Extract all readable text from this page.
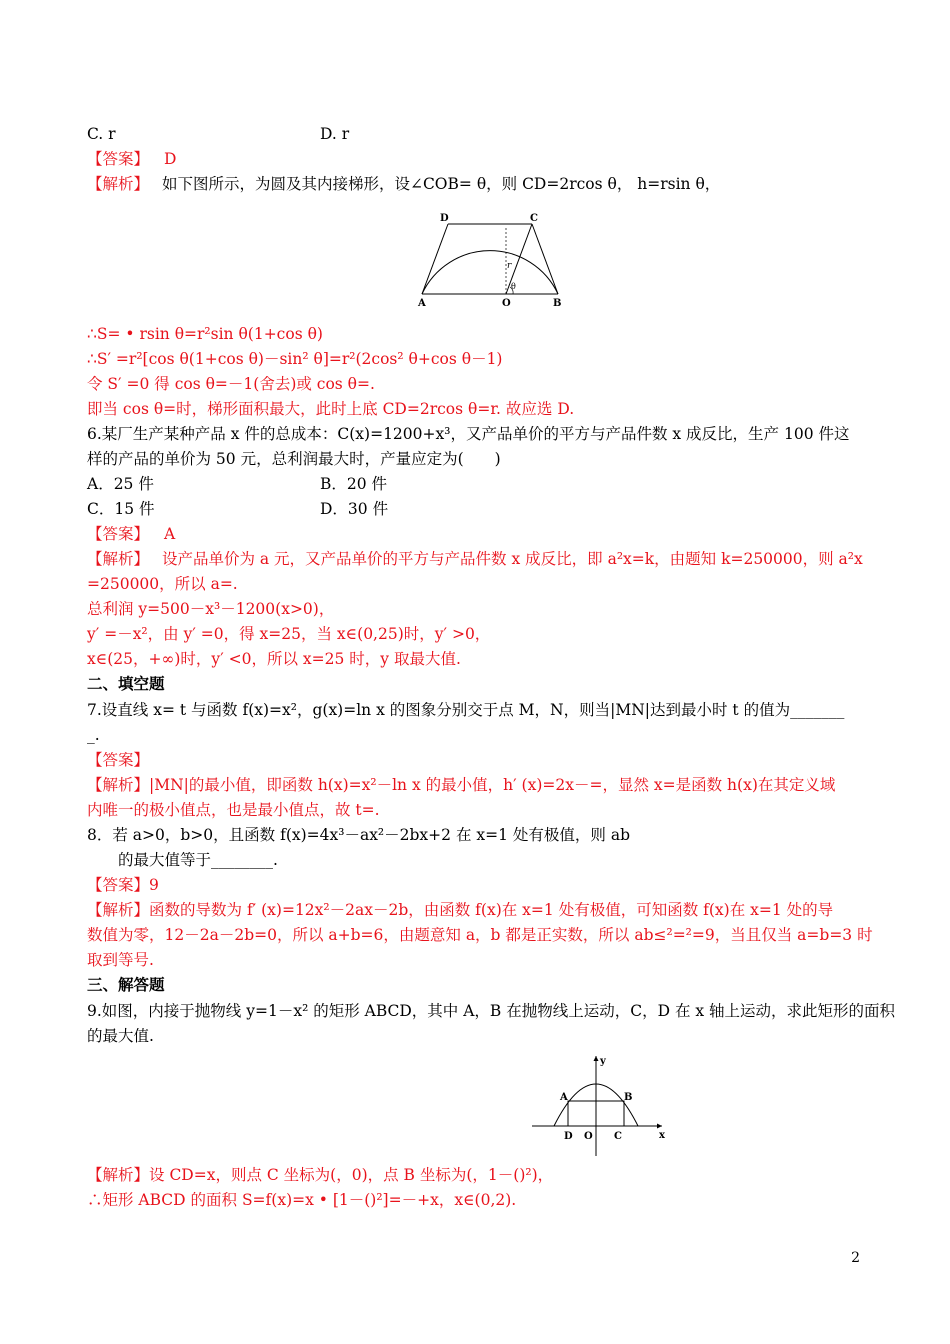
C. r	D. r
【答案】 D
【解析】 如下图所示，为圆及其内接梯形，设∠COB= θ，则 CD=2rcos θ， h=rsin θ，
D	C
A	O	B
r
θ
∴S= • rsin θ=r²sin θ(1+cos θ)
∴S′ =r²[cos θ(1+cos θ)－sin² θ]=r²(2cos² θ+cos θ－1)
令 S′ =0 得 cos θ=－1(舍去)或 cos θ=.
即当 cos θ=时，梯形面积最大，此时上底 CD=2rcos θ=r. 故应选 D.
6.某厂生产某种产品 x 件的总成本：C(x)=1200+x³，又产品单价的平方与产品件数 x 成反比，生产 100 件这
样的产品的单价为 50 元，总利润最大时，产量应定为(　　)
A．25 件	B．20 件
C．15 件	D．30 件
【答案】 A
【解析】 设产品单价为 a 元，又产品单价的平方与产品件数 x 成反比，即 a²x=k，由题知 k=250000，则 a²x
=250000，所以 a=.
总利润 y=500－x³－1200(x>0)，
y′ =－x²，由 y′ =0，得 x=25，当 x∈(0,25)时，y′ >0，
x∈(25，+∞)时，y′ <0，所以 x=25 时，y 取最大值.
二、填空题
7.设直线 x= t 与函数 f(x)=x²，g(x)=ln x 的图象分别交于点 M，N，则当|MN|达到最小时 t 的值为_______
_.
【答案】
【解析】|MN|的最小值，即函数 h(x)=x²－ln x 的最小值，h′ (x)=2x－=，显然 x=是函数 h(x)在其定义域
内唯一的极小值点，也是最小值点，故 t=.
8．若 a>0，b>0，且函数 f(x)=4x³－ax²－2bx+2 在 x=1 处有极值，则 ab
的最大值等于________.
【答案】9
【解析】函数的导数为 f′ (x)=12x²－2ax－2b，由函数 f(x)在 x=1 处有极值，可知函数 f(x)在 x=1 处的导
数值为零，12－2a－2b=0，所以 a+b=6，由题意知 a，b 都是正实数，所以 ab≤²=²=9，当且仅当 a=b=3 时
取到等号.
三、解答题
9.如图，内接于抛物线 y=1－x² 的矩形 ABCD，其中 A，B 在抛物线上运动，C，D 在 x 轴上运动，求此矩形的面积
的最大值.
y
x
A	B
D O C
【解析】设 CD=x，则点 C 坐标为(，0)，点 B 坐标为(，1－()²)，
∴矩形 ABCD 的面积 S=f(x)=x • [1－()²]=－+x，x∈(0,2).
2
